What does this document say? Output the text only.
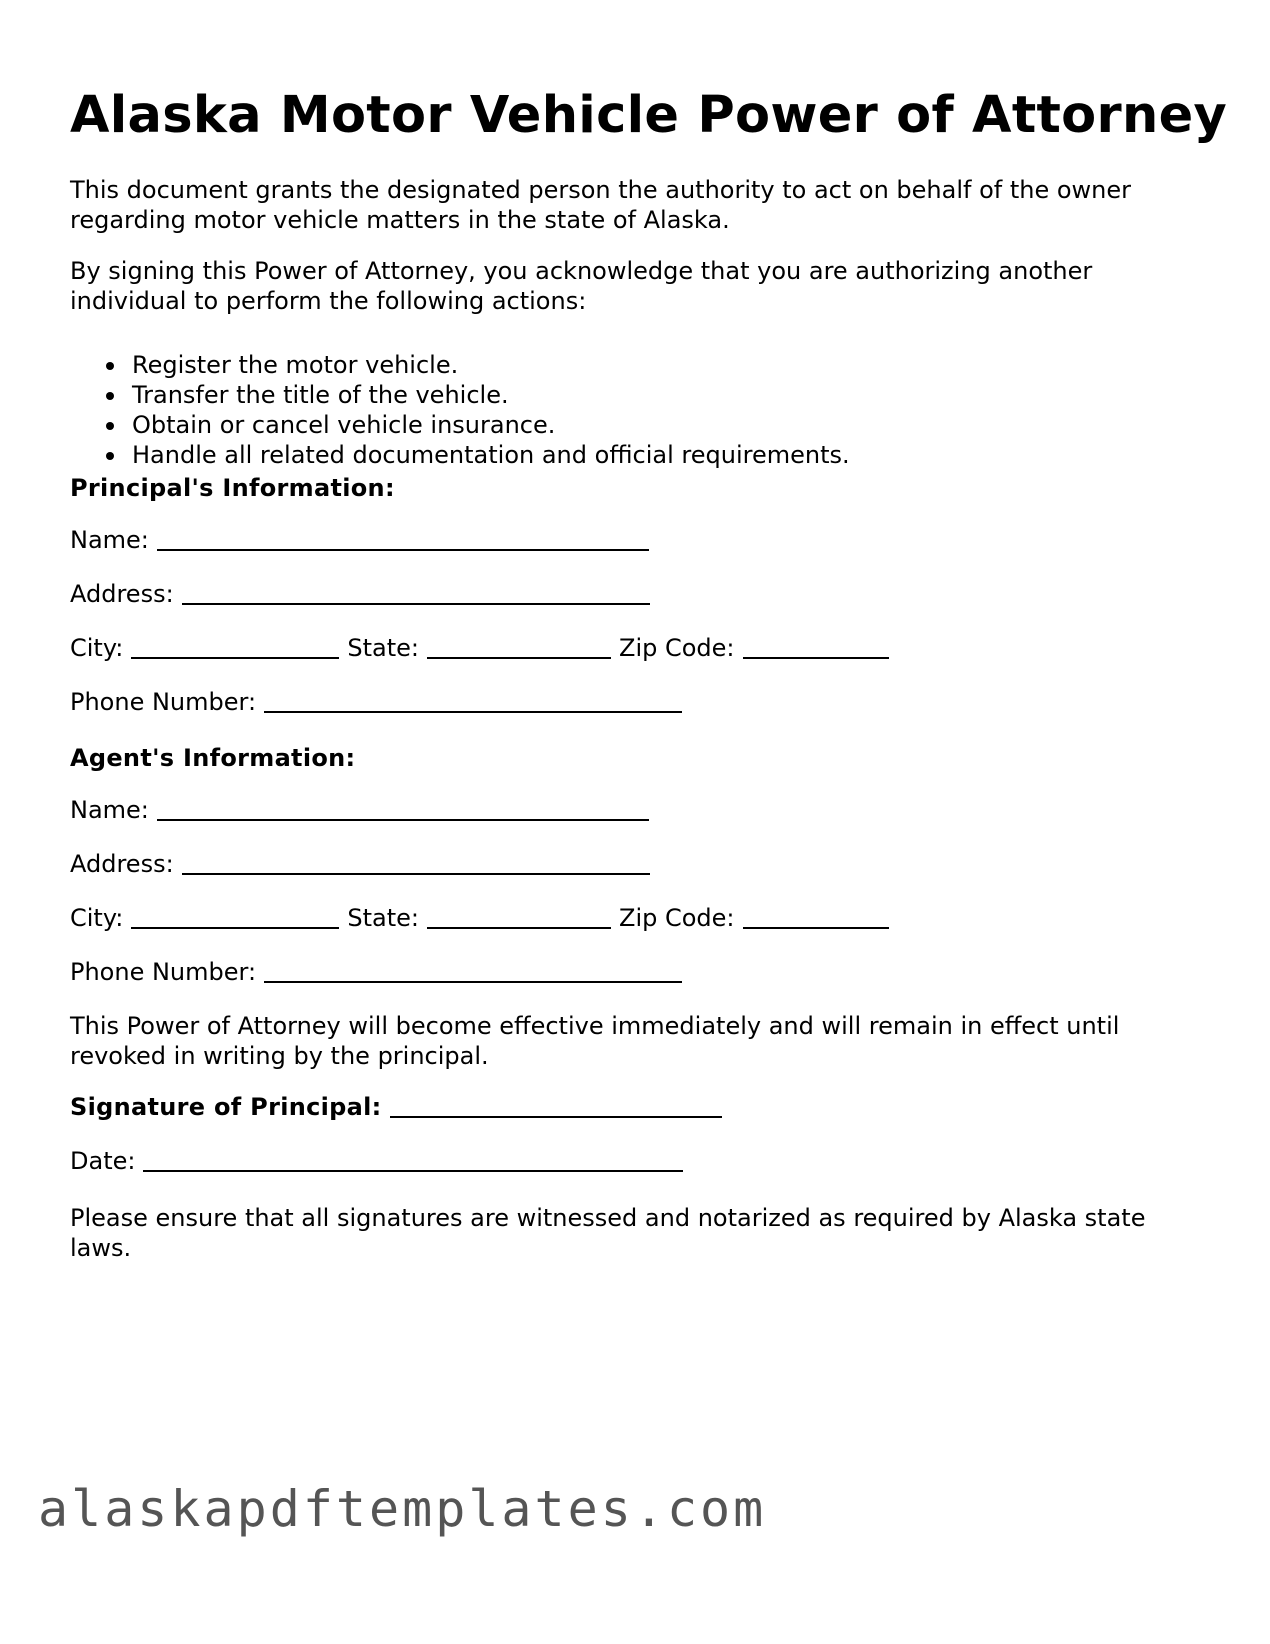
Alaska Motor Vehicle Power of Attorney

This document grants the designated person the authority to act on behalf of the owner regarding motor vehicle matters in the state of Alaska.

By signing this Power of Attorney, you acknowledge that you are authorizing another individual to perform the following actions:

Register the motor vehicle.
Transfer the title of the vehicle.
Obtain or cancel vehicle insurance.
Handle all related documentation and official requirements.
Principal's Information:
Name:
Address:
City:	State:	Zip Code:
Phone Number:
Agent's Information:
Name:
Address:
City:	State:	Zip Code:
Phone Number:

This Power of Attorney will become effective immediately and will remain in effect until revoked in writing by the principal.

Signature of Principal:
Date:

Please ensure that all signatures are witnessed and notarized as required by Alaska state laws.

alaskapdftemplates.com
